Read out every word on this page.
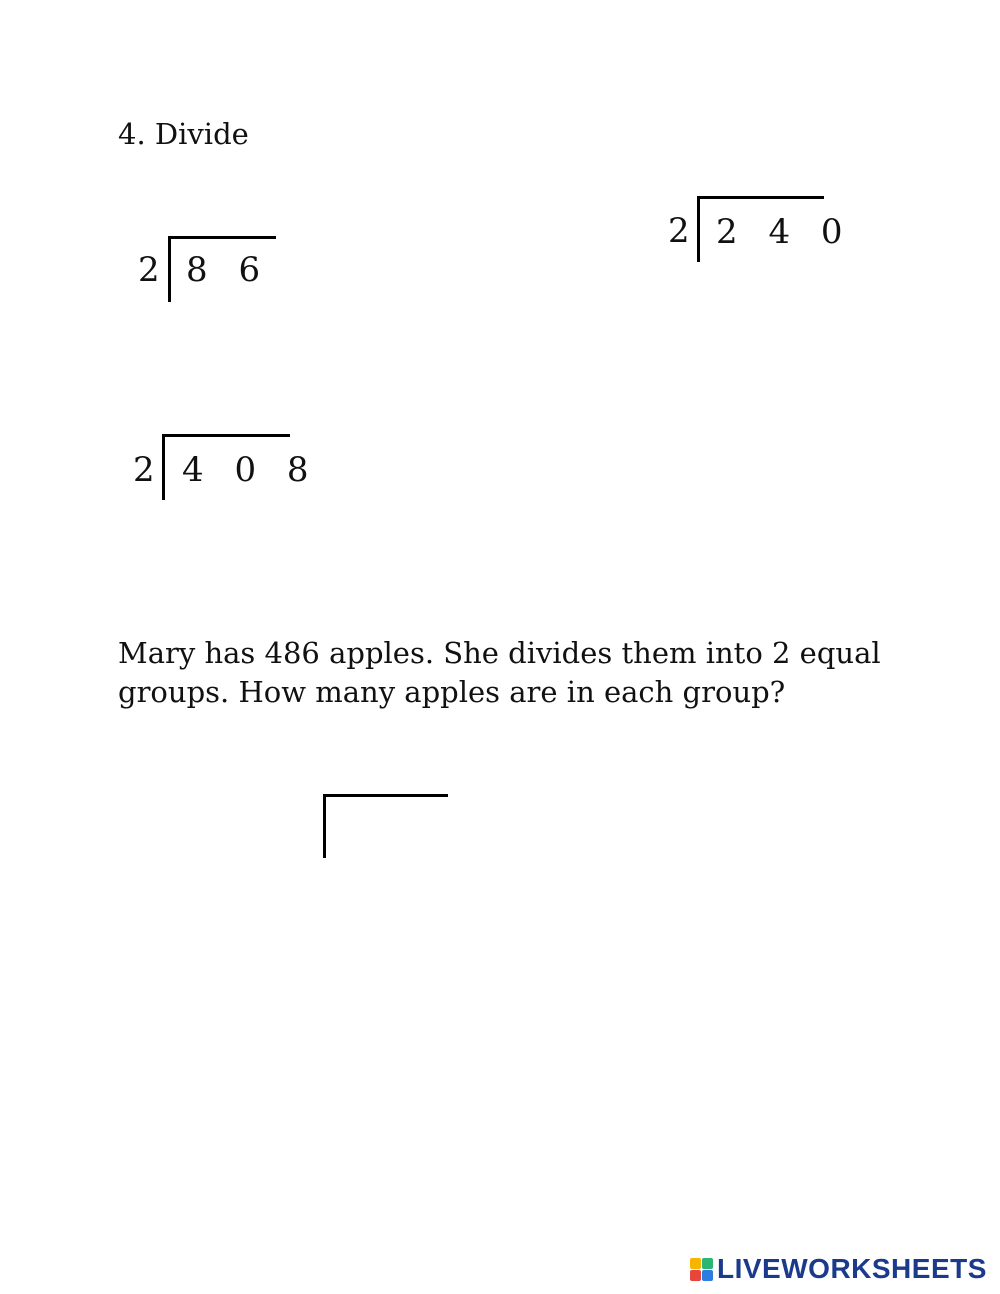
4. Divide
2 8 6
2 2 4 0
2 4 0 8

Mary has 486 apples. She divides them into 2 equal groups. How many apples are in each group?

LIVEWORKSHEETS
